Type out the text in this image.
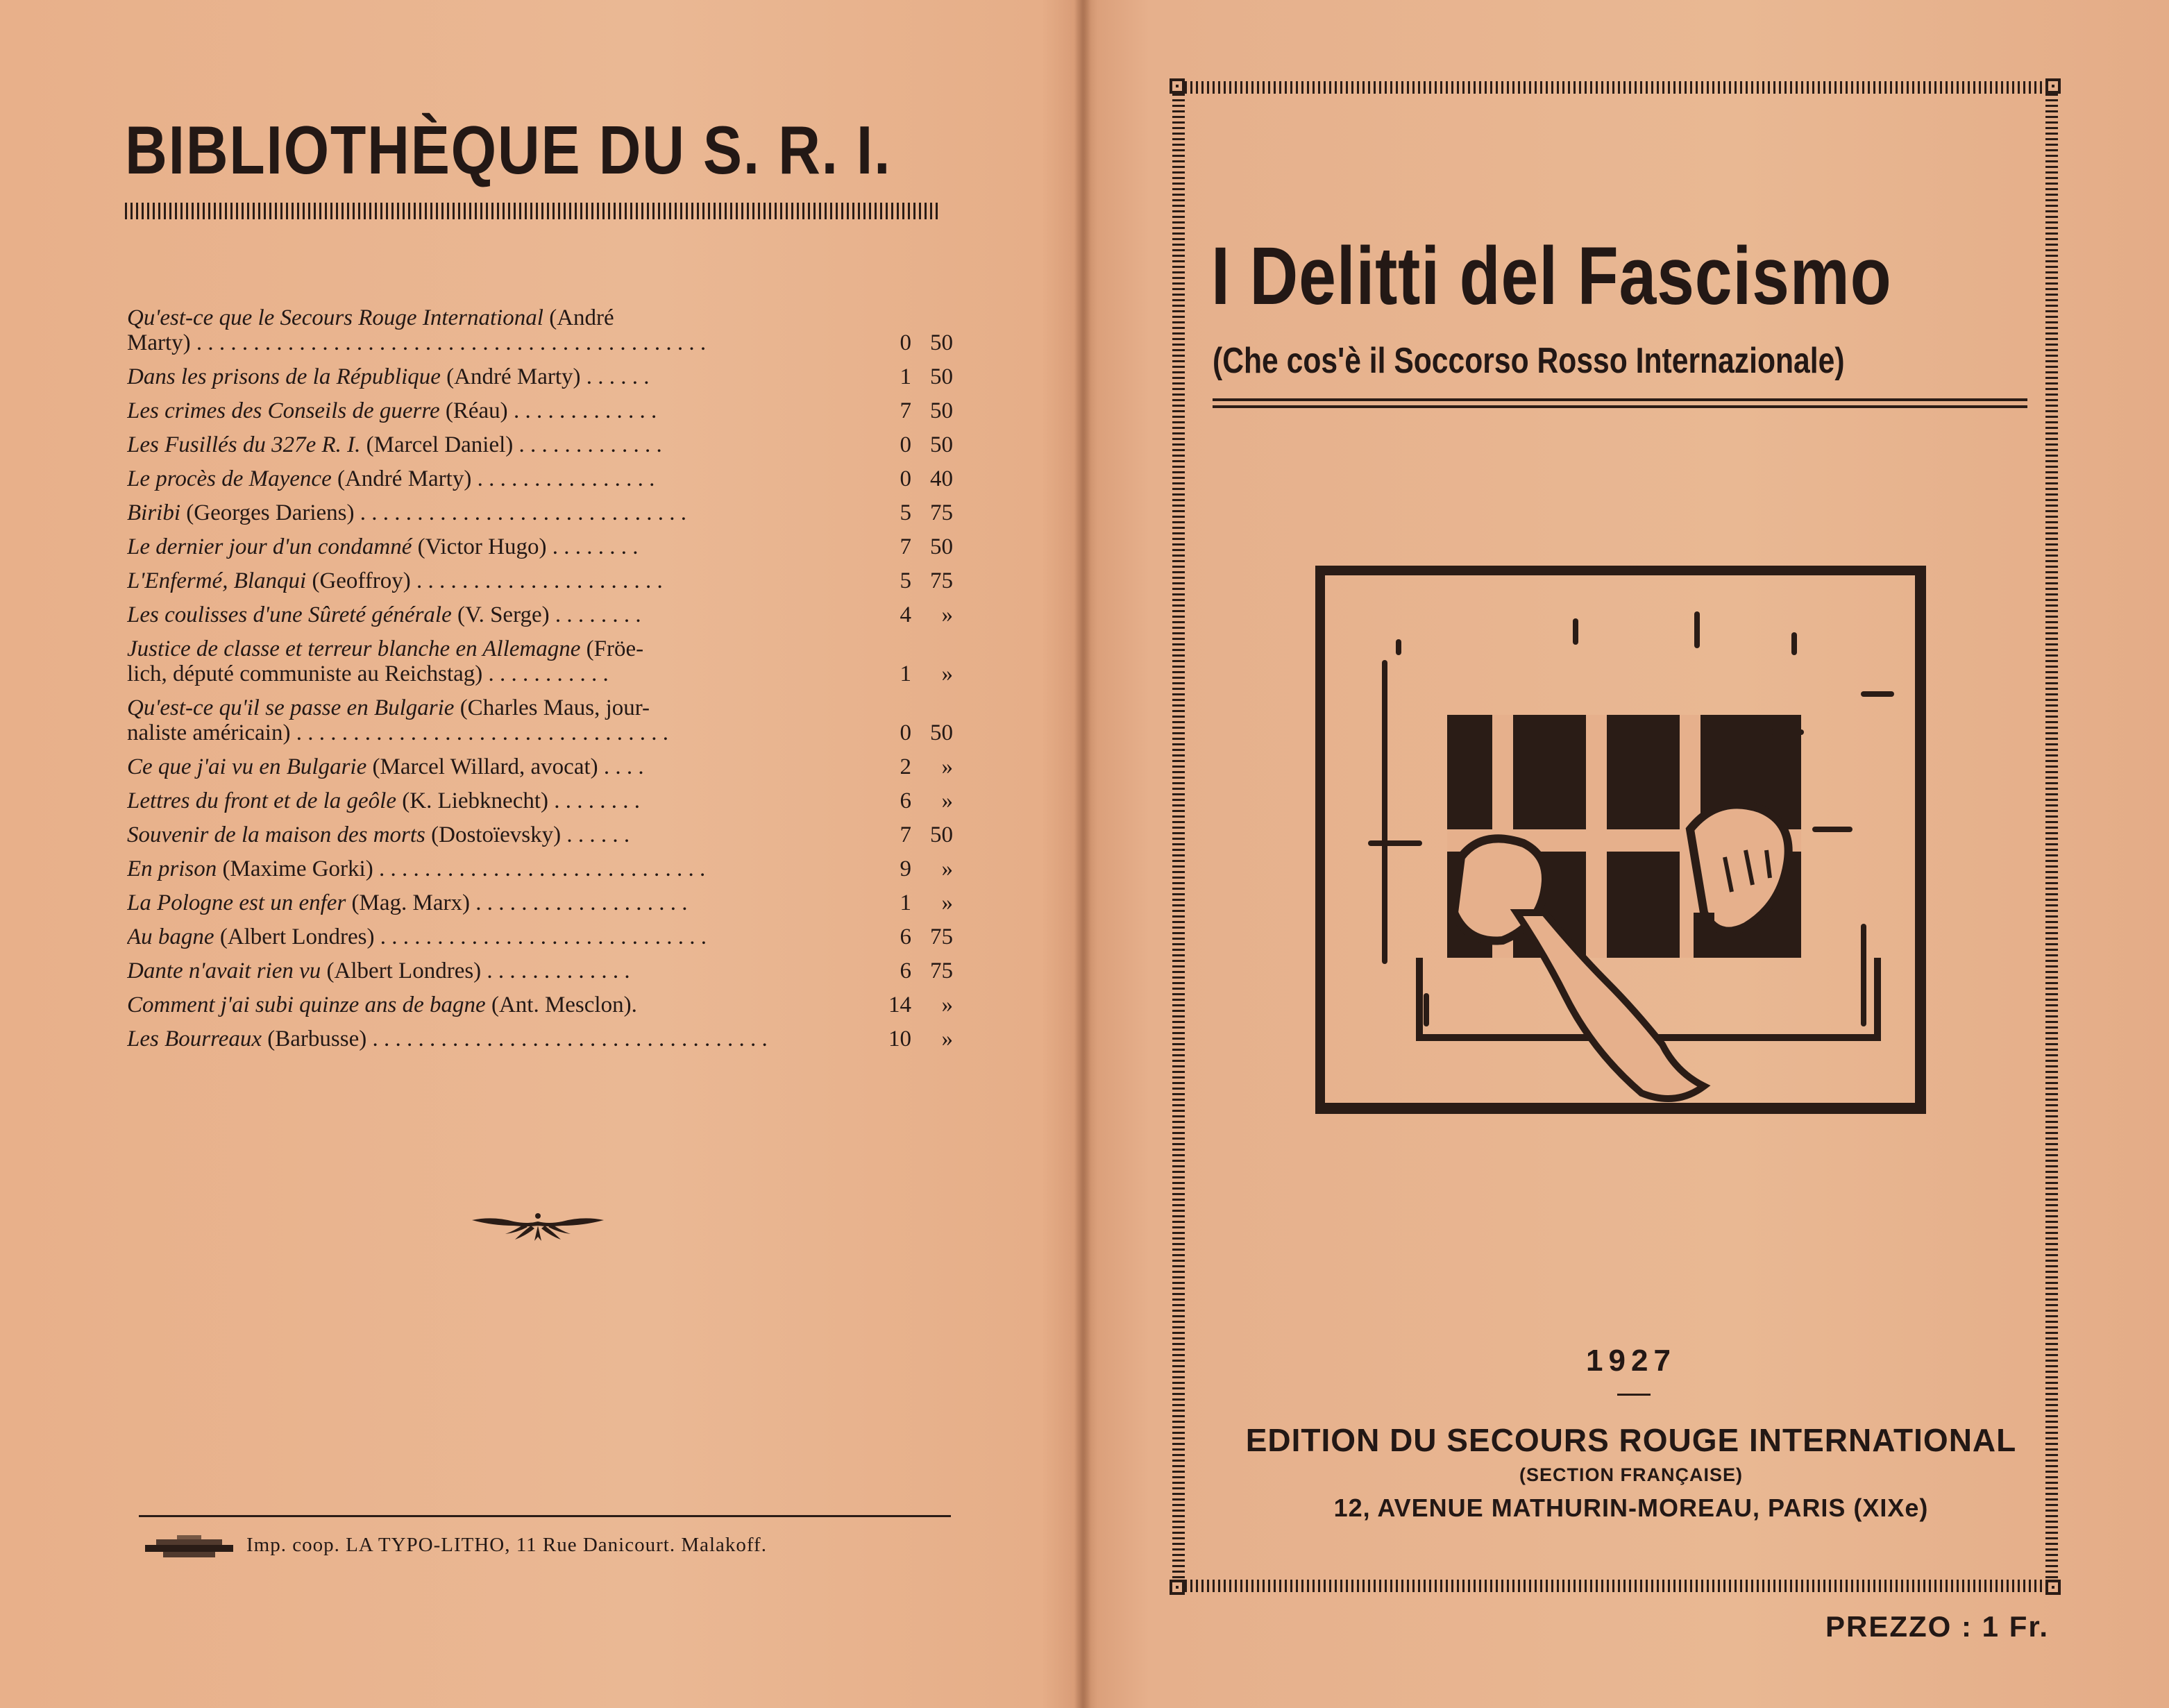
BIBLIOTHÈQUE DU S. R. I.
Qu'est-ce que le Secours Rouge International (André
Marty) . . . . . . . . . . . . . . . . . . . . . . . . . . . . . . . . . . . . . . . . . . . . .	0 50
Dans les prisons de la République (André Marty) . . . . . .	1 50
Les crimes des Conseils de guerre (Réau) . . . . . . . . . . . . .	7 50
Les Fusillés du 327e R. I. (Marcel Daniel) . . . . . . . . . . . . .	0 50
Le procès de Mayence (André Marty) . . . . . . . . . . . . . . . .	0 40
Biribi (Georges Dariens) . . . . . . . . . . . . . . . . . . . . . . . . . . . . .	5 75
Le dernier jour d'un condamné (Victor Hugo) . . . . . . . .	7 50
L'Enfermé, Blanqui (Geoffroy) . . . . . . . . . . . . . . . . . . . . . .	5 75
Les coulisses d'une Sûreté générale (V. Serge) . . . . . . . .	4	»
Justice de classe et terreur blanche en Allemagne (Fröe-
lich, député communiste au Reichstag) . . . . . . . . . . .	1	»
Qu'est-ce qu'il se passe en Bulgarie (Charles Maus, jour-
naliste américain) . . . . . . . . . . . . . . . . . . . . . . . . . . . . . . . . .	0 50
Ce que j'ai vu en Bulgarie (Marcel Willard, avocat) . . . .	2	»
Lettres du front et de la geôle (K. Liebknecht) . . . . . . . .	6	»
Souvenir de la maison des morts (Dostoïevsky) . . . . . .	7 50
En prison (Maxime Gorki) . . . . . . . . . . . . . . . . . . . . . . . . . . . . .	9	»
La Pologne est un enfer (Mag. Marx) . . . . . . . . . . . . . . . . . . .	1	»
Au bagne (Albert Londres) . . . . . . . . . . . . . . . . . . . . . . . . . . . . .	6 75
Dante n'avait rien vu (Albert Londres) . . . . . . . . . . . . .	6 75
Comment j'ai subi quinze ans de bagne (Ant. Mesclon).	14	»
Les Bourreaux (Barbusse) . . . . . . . . . . . . . . . . . . . . . . . . . . . . . . . . . . .	10	»
Imp. coop. LA TYPO-LITHO, 11 Rue Danicourt. Malakoff.
I Delitti del Fascismo
(Che cos'è il Soccorso Rosso Internazionale)
1927
EDITION DU SECOURS ROUGE INTERNATIONAL
(SECTION FRANÇAISE)
12, AVENUE MATHURIN-MOREAU, PARIS (XIXe)
PREZZO : 1 Fr.
